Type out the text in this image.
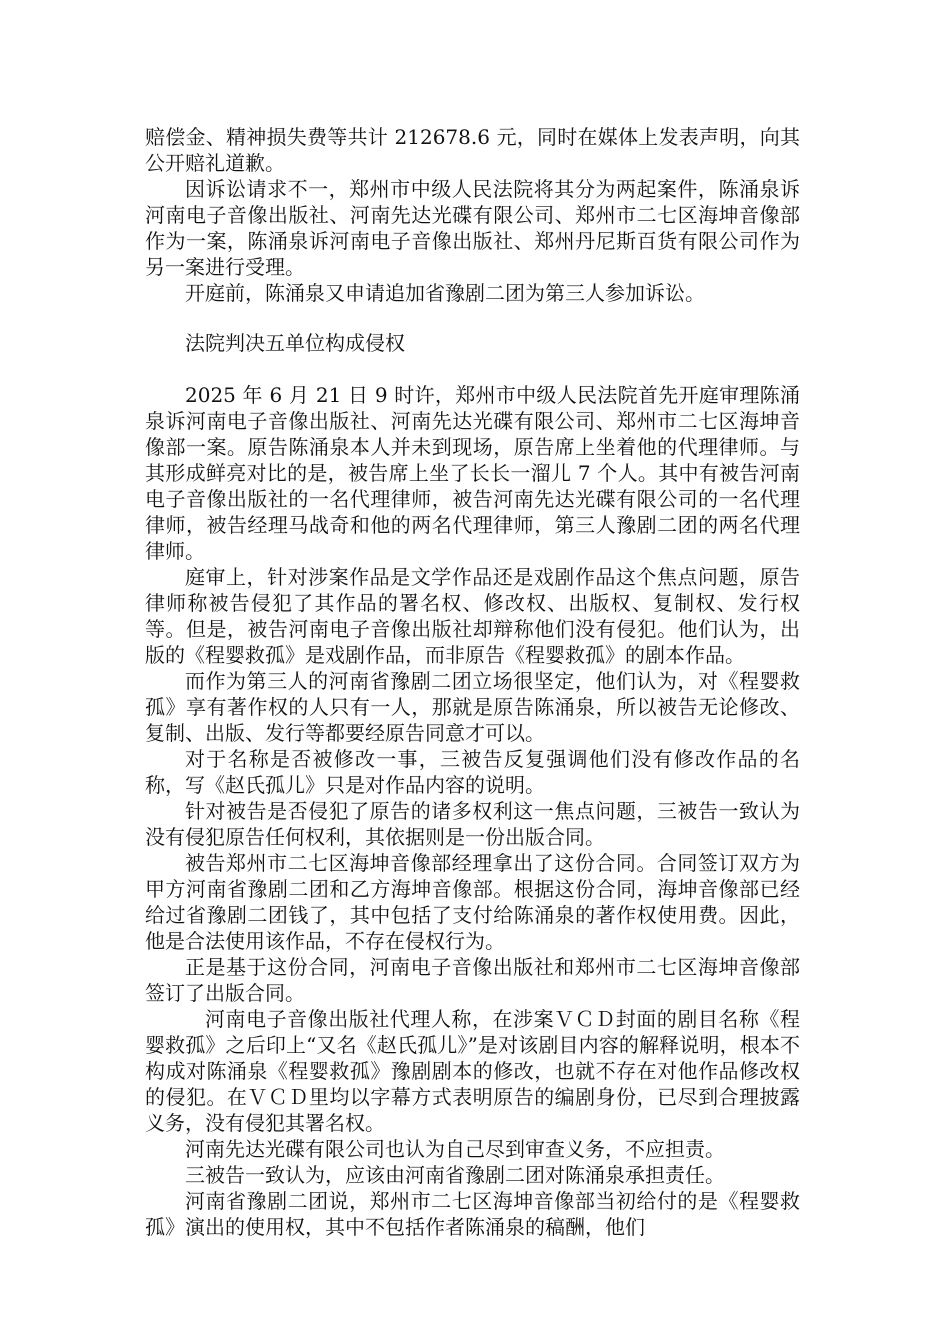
赔偿金、精神损失费等共计 212678.6 元，同时在媒体上发表声明，向其公开赔礼道歉。

因诉讼请求不一，郑州市中级人民法院将其分为两起案件，陈涌泉诉河南电子音像出版社、河南先达光碟有限公司、郑州市二七区海坤音像部作为一案，陈涌泉诉河南电子音像出版社、郑州丹尼斯百货有限公司作为另一案进行受理。

开庭前，陈涌泉又申请追加省豫剧二团为第三人参加诉讼。

法院判决五单位构成侵权

2025 年 6 月 21 日 9 时许，郑州市中级人民法院首先开庭审理陈涌泉诉河南电子音像出版社、河南先达光碟有限公司、郑州市二七区海坤音像部一案。原告陈涌泉本人并未到现场，原告席上坐着他的代理律师。与其形成鲜亮对比的是，被告席上坐了长长一溜儿 7 个人。其中有被告河南电子音像出版社的一名代理律师，被告河南先达光碟有限公司的一名代理律师，被告经理马战奇和他的两名代理律师，第三人豫剧二团的两名代理律师。

庭审上，针对涉案作品是文学作品还是戏剧作品这个焦点问题，原告律师称被告侵犯了其作品的署名权、修改权、出版权、复制权、发行权等。但是，被告河南电子音像出版社却辩称他们没有侵犯。他们认为，出版的《程婴救孤》是戏剧作品，而非原告《程婴救孤》的剧本作品。

而作为第三人的河南省豫剧二团立场很坚定，他们认为，对《程婴救孤》享有著作权的人只有一人，那就是原告陈涌泉，所以被告无论修改、复制、出版、发行等都要经原告同意才可以。

对于名称是否被修改一事，三被告反复强调他们没有修改作品的名称，写《赵氏孤儿》只是对作品内容的说明。

针对被告是否侵犯了原告的诸多权利这一焦点问题，三被告一致认为没有侵犯原告任何权利，其依据则是一份出版合同。

被告郑州市二七区海坤音像部经理拿出了这份合同。合同签订双方为甲方河南省豫剧二团和乙方海坤音像部。根据这份合同，海坤音像部已经给过省豫剧二团钱了，其中包括了支付给陈涌泉的著作权使用费。因此，他是合法使用该作品，不存在侵权行为。

正是基于这份合同，河南电子音像出版社和郑州市二七区海坤音像部签订了出版合同。

河南电子音像出版社代理人称，在涉案ＶＣＤ封面的剧目名称《程婴救孤》之后印上“又名《赵氏孤儿》”是对该剧目内容的解释说明，根本不构成对陈涌泉《程婴救孤》豫剧剧本的修改，也就不存在对他作品修改权的侵犯。在ＶＣＤ里均以字幕方式表明原告的编剧身份，已尽到合理披露义务，没有侵犯其署名权。

河南先达光碟有限公司也认为自己尽到审查义务，不应担责。

三被告一致认为，应该由河南省豫剧二团对陈涌泉承担责任。

河南省豫剧二团说，郑州市二七区海坤音像部当初给付的是《程婴救孤》演出的使用权，其中不包括作者陈涌泉的稿酬，他们
